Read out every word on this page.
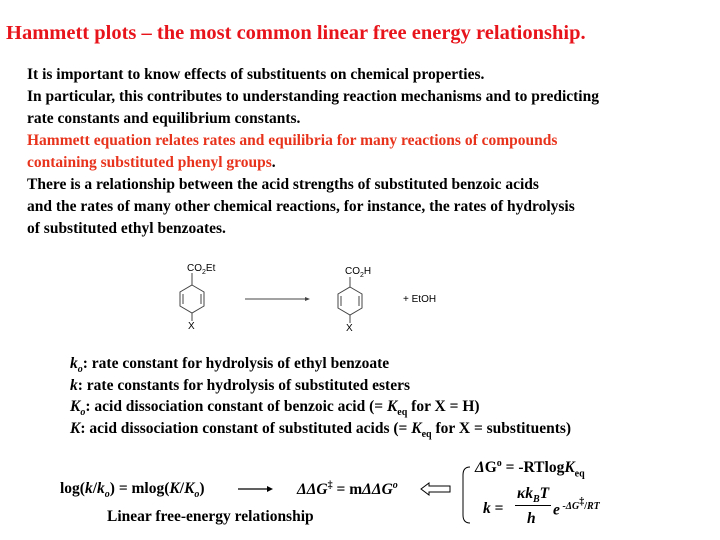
Hammett plots – the most common linear free energy relationship.
It is important to know effects of substituents on chemical properties.
In particular, this contributes to understanding reaction mechanisms and to predicting
rate constants and equilibrium constants.
Hammett equation relates rates and equilibria for many reactions of compounds
containing substituted phenyl groups.
There is a relationship between the acid strengths of substituted benzoic acids
and the rates of many other chemical reactions, for instance, the rates of hydrolysis
of substituted ethyl benzoates.
$CO_2Et$
X
$CO_2H$
X
+ EtOH
$k_o$: rate constant for hydrolysis of ethyl benzoate
k: rate constants for hydrolysis of substituted esters
$K_o$: acid dissociation constant of benzoic acid (= $K_{eq}$ for X = H)
K: acid dissociation constant of substituted acids (= $K_{eq}$ for X = substituents)
$\log(k/k_o) = mlog(K/K_o)$	ΔΔG‡ = mΔΔG$^o$
$\Delta G^o = -RTlogK_{eq}$
k =
$\kappa k_BT$
h
e $^{-\Delta G^\ddagger/RT}$
Linear free-energy relationship
